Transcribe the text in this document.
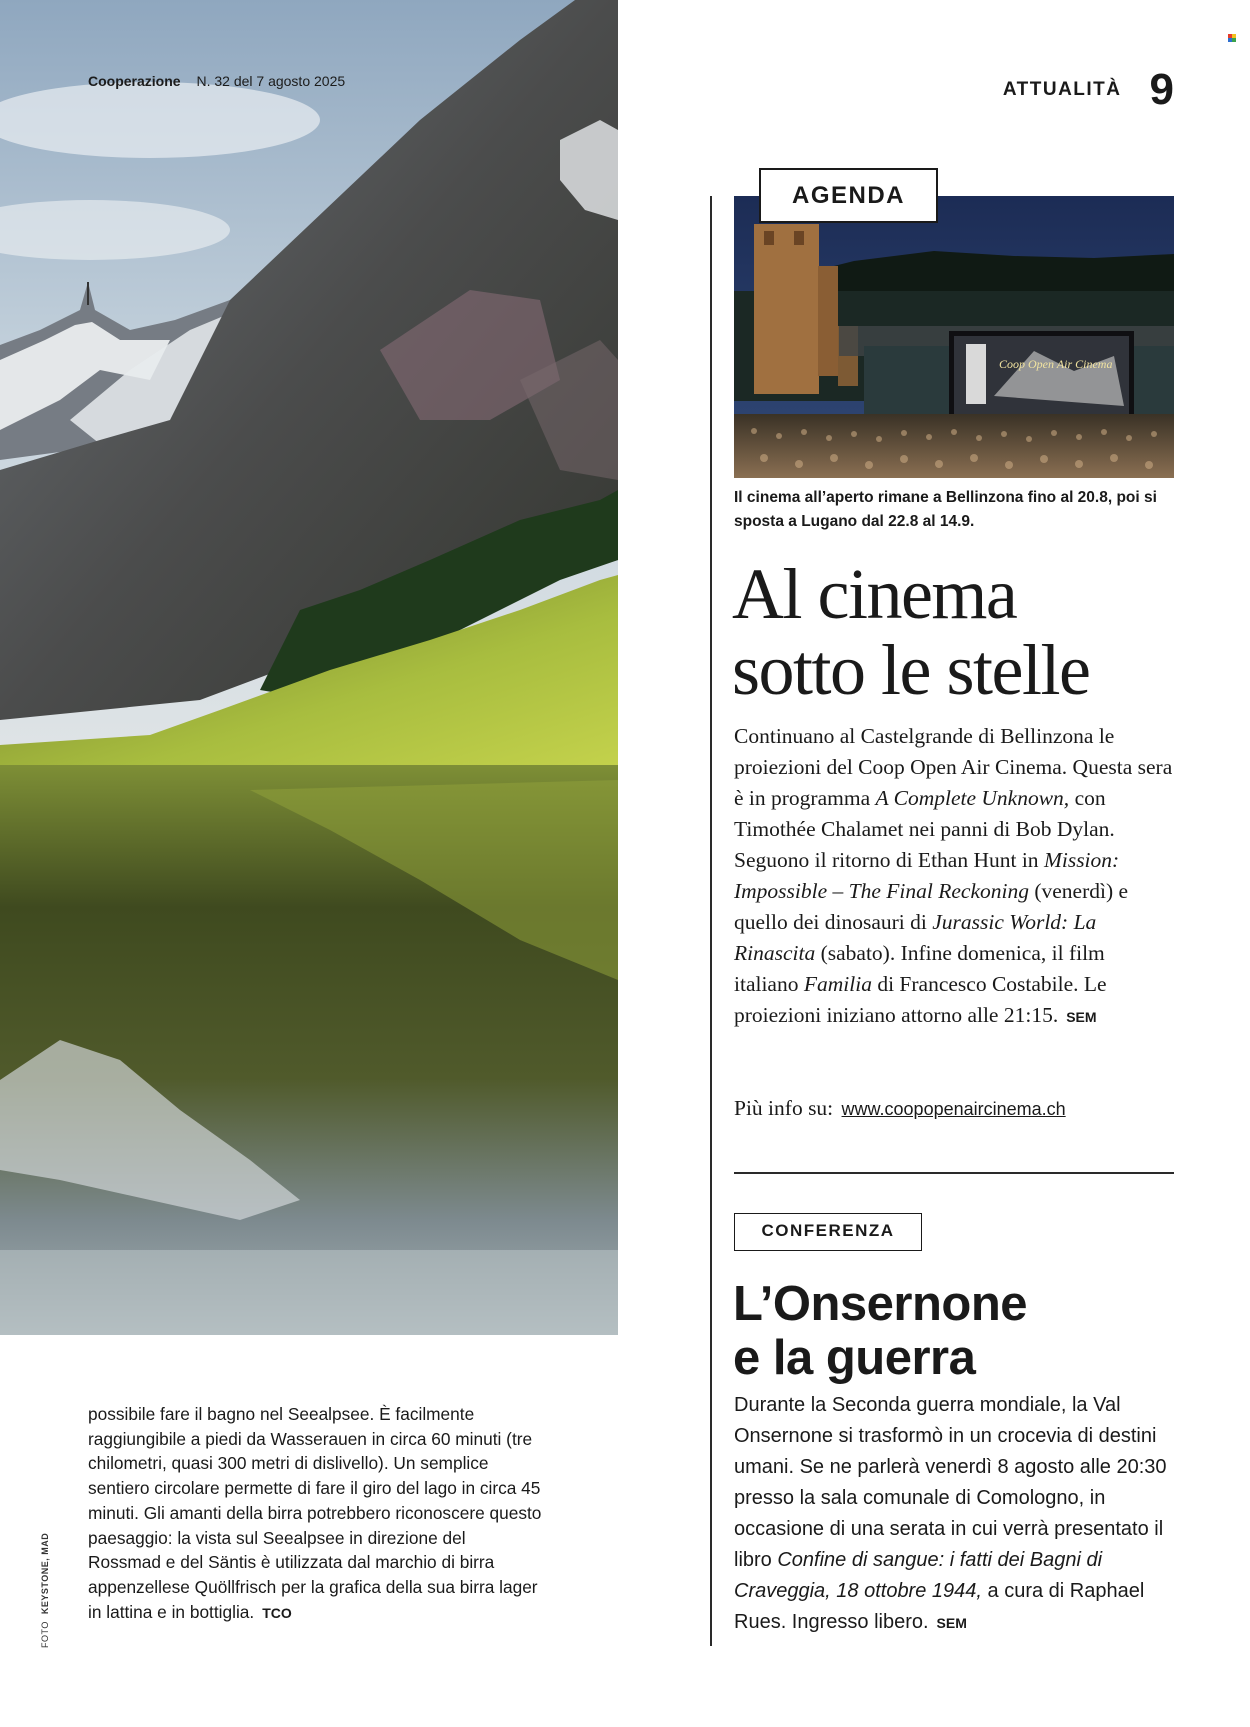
Cooperazione N. 32 del 7 agosto 2025
FOTO KEYSTONE, MAD
possibile fare il bagno nel Seealpsee. È facilmente raggiungibile a piedi da Wasserauen in circa 60 minuti (tre chilometri, quasi 300 metri di dislivello). Un semplice sentiero circolare permette di fare il giro del lago in circa 45 minuti. Gli amanti della birra potrebbero riconoscere questo paesaggio: la vista sul Seealpsee in direzione del Rossmad e del Säntis è utilizzata dal marchio di birra appenzellese Quöllfrisch per la grafica della sua birra lager in lattina e in bottiglia. TCO
ATTUALITÀ 9
Coop Open Air Cinema
AGENDA
Il cinema all’aperto rimane a Bellinzona fino al 20.8, poi si sposta a Lugano dal 22.8 al 14.9.
Al cinema
sotto le stelle
Continuano al Castelgrande di Bellinzona le proiezioni del Coop Open Air Cinema. Questa sera è in programma A Complete Unknown, con Timothée Chalamet nei panni di Bob Dylan. Seguono il ritorno di Ethan Hunt in Mission: Impossible – The Final Reckoning (venerdì) e quello dei dinosauri di Jurassic World: La Rinascita (sabato). Infine domenica, il film italiano Familia di Francesco Costabile. Le proiezioni iniziano attorno alle 21:15. SEM
Più info su: www.coopopenaircinema.ch
CONFERENZA
L’Onsernone
e la guerra
Durante la Seconda guerra mondiale, la Val Onsernone si trasformò in un crocevia di destini umani. Se ne parlerà venerdì 8 agosto alle 20:30 presso la sala comunale di Comologno, in occasione di una serata in cui verrà presentato il libro Confine di sangue: i fatti dei Bagni di Craveggia, 18 ottobre 1944, a cura di Raphael Rues. Ingresso libero. SEM
